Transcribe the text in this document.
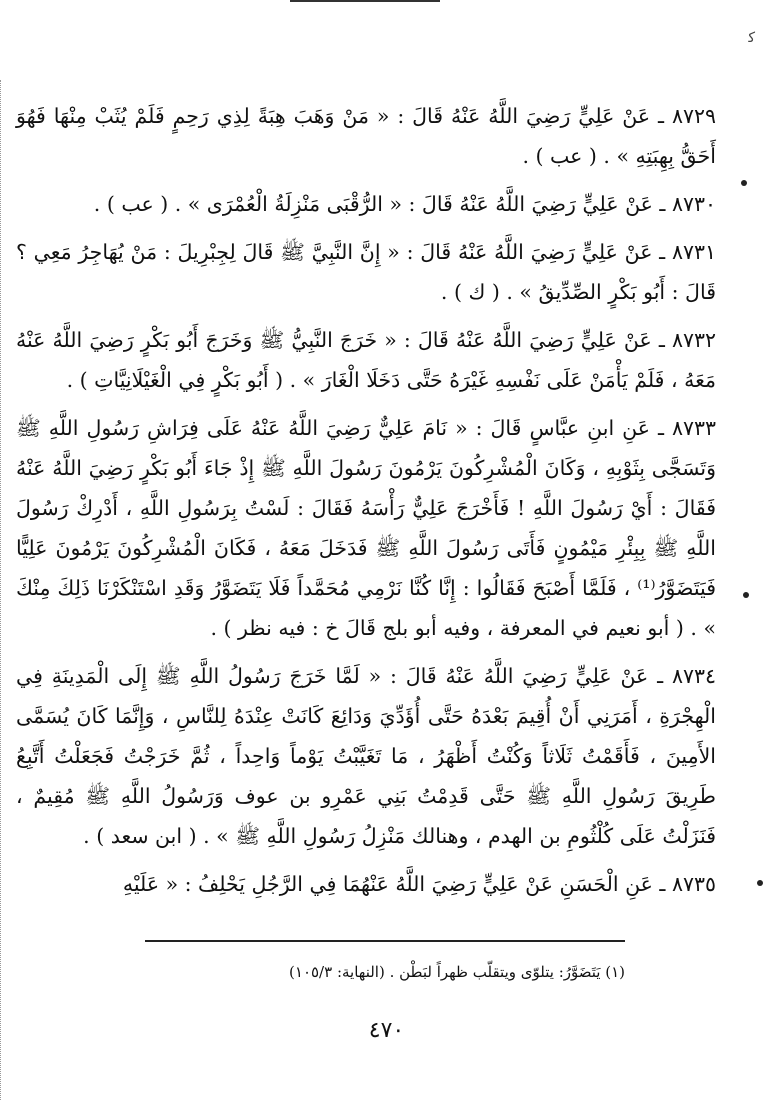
ﮐ

٨٧٢٩ ـ عَنْ عَلِيٍّ رَضِيَ اللَّهُ عَنْهُ قَالَ : « مَنْ وَهَبَ هِبَةً لِذِي رَحِمٍ فَلَمْ يُثَبْ مِنْهَا فَهُوَ أَحَقُّ بِهِبَتِهِ » . ( عب ) .

٨٧٣٠ ـ عَنْ عَلِيٍّ رَضِيَ اللَّهُ عَنْهُ قَالَ : « الرُّقْبَى مَنْزِلَةُ الْعُمْرَى » . ( عب ) .

٨٧٣١ ـ عَنْ عَلِيٍّ رَضِيَ اللَّهُ عَنْهُ قَالَ : « إِنَّ النَّبِيَّ ﷺ قَالَ لِجِبْرِيلَ : مَنْ يُهَاجِرُ مَعِي ؟ قَالَ : أَبُو بَكْرٍ الصِّدِّيقُ » . ( ك ) .

٨٧٣٢ ـ عَنْ عَلِيٍّ رَضِيَ اللَّهُ عَنْهُ قَالَ : « خَرَجَ النَّبِيُّ ﷺ وَخَرَجَ أَبُو بَكْرٍ رَضِيَ اللَّهُ عَنْهُ مَعَهُ ، فَلَمْ يَأْمَنْ عَلَى نَفْسِهِ غَيْرَهُ حَتَّى دَخَلَا الْغَارَ » . ( أَبُو بَكْرٍ فِي الْغَيْلَانِيَّاتِ ) .

٨٧٣٣ ـ عَنِ ابنِ عبَّاسٍ قَالَ : « نَامَ عَلِيٌّ رَضِيَ اللَّهُ عَنْهُ عَلَى فِرَاشِ رَسُولِ اللَّهِ ﷺ وَتَسَجَّى بِثَوْبِهِ ، وَكَانَ الْمُشْرِكُونَ يَرْمُونَ رَسُولَ اللَّهِ ﷺ إِذْ جَاءَ أَبُو بَكْرٍ رَضِيَ اللَّهُ عَنْهُ فَقَالَ : أَيْ رَسُولَ اللَّهِ ! فَأَخْرَجَ عَلِيٌّ رَأْسَهُ فَقَالَ : لَسْتُ بِرَسُولِ اللَّهِ ، أَدْرِكْ رَسُولَ اللَّهِ ﷺ بِبِئْرِ مَيْمُونٍ فَأَتَى رَسُولَ اللَّهِ ﷺ فَدَخَلَ مَعَهُ ، فَكَانَ الْمُشْرِكُونَ يَرْمُونَ عَلِيًّا فَيَتَضَوَّرُ⁽¹⁾ ، فَلَمَّا أَصْبَحَ فَقَالُوا : إِنَّا كُنَّا نَرْمِي مُحَمَّداً فَلَا يَتَضَوَّرُ وَقَدِ اسْتَنْكَرْنَا ذَلِكَ مِنْكَ » . ( أبو نعيم في المعرفة ، وفيه أبو بلج قَالَ خ : فيه نظر ) .

٨٧٣٤ ـ عَنْ عَلِيٍّ رَضِيَ اللَّهُ عَنْهُ قَالَ : « لَمَّا خَرَجَ رَسُولُ اللَّهِ ﷺ إِلَى الْمَدِينَةِ فِي الْهِجْرَةِ ، أَمَرَنِي أَنْ أُقِيمَ بَعْدَهُ حَتَّى أُؤَدِّيَ وَدَائِعَ كَانَتْ عِنْدَهُ لِلنَّاسِ ، وَإِنَّمَا كَانَ يُسَمَّى الأَمِينَ ، فَأَقَمْتُ ثَلَاثاً وَكُنْتُ أَظْهَرُ ، مَا تَغَيَّبْتُ يَوْماً وَاحِداً ، ثُمَّ خَرَجْتُ فَجَعَلْتُ أَتَّبِعُ طَرِيقَ رَسُولِ اللَّهِ ﷺ حَتَّى قَدِمْتُ بَنِي عَمْرِو بن عوف وَرَسُولُ اللَّهِ ﷺ مُقِيمٌ ، فَنَزَلْتُ عَلَى كُلْثُومِ بن الهدم ، وهنالك مَنْزِلُ رَسُولِ اللَّهِ ﷺ » . ( ابن سعد ) .

٨٧٣٥ ـ عَنِ الْحَسَنِ عَنْ عَلِيٍّ رَضِيَ اللَّهُ عَنْهُمَا فِي الرَّجُلِ يَحْلِفُ : « عَلَيْهِ

(١) يَتَضَوَّرُ: يتلوّى ويتقلّب ظهراً لبَطْن . (النهاية: ١٠٥/٣)
٤٧٠
